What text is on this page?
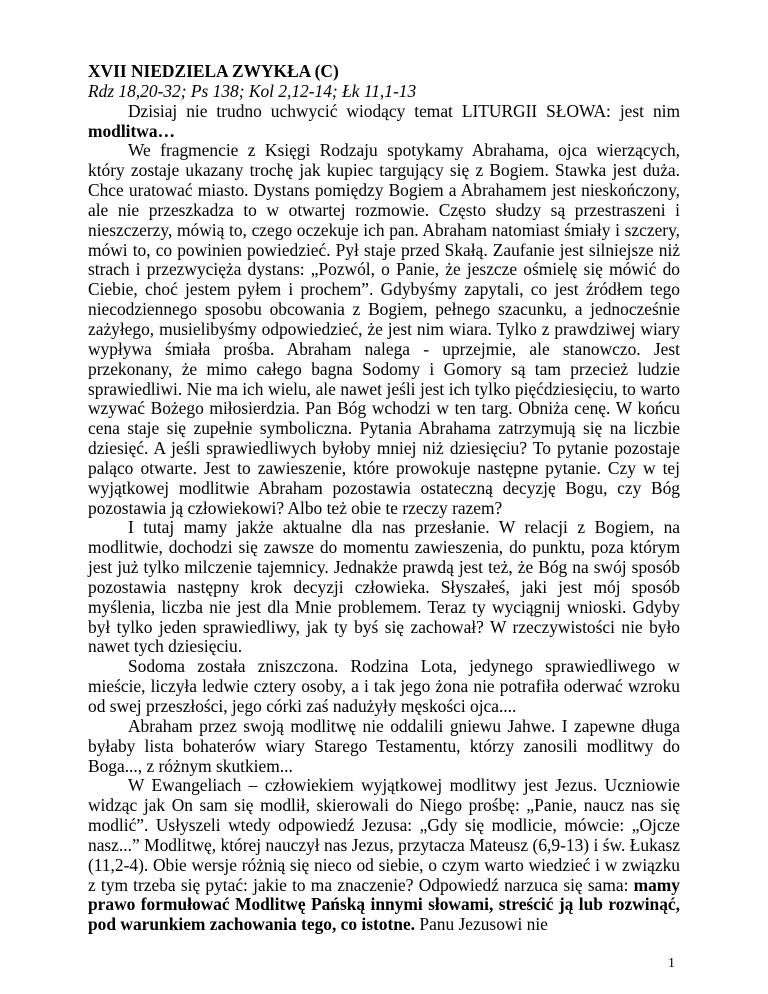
XVII NIEDZIELA ZWYKŁA (C)
Rdz 18,20-32; Ps 138; Kol 2,12-14; Łk 11,1-13

Dzisiaj nie trudno uchwycić wiodący temat LITURGII SŁOWA: jest nim modlitwa…

We fragmencie z Księgi Rodzaju spotykamy Abrahama, ojca wierzących, który zostaje ukazany trochę jak kupiec targujący się z Bogiem. Stawka jest duża. Chce uratować miasto. Dystans pomiędzy Bogiem a Abrahamem jest nieskończony, ale nie przeszkadza to w otwartej rozmowie. Często słudzy są przestraszeni i nieszczerzy, mówią to, czego oczekuje ich pan. Abraham natomiast śmiały i szczery, mówi to, co powinien powiedzieć. Pył staje przed Skałą. Zaufanie jest silniejsze niż strach i przezwycięża dystans: „Pozwól, o Panie, że jeszcze ośmielę się mówić do Ciebie, choć jestem pyłem i prochem”. Gdybyśmy zapytali, co jest źródłem tego niecodziennego sposobu obcowania z Bogiem, pełnego szacunku, a jednocześnie zażyłego, musielibyśmy odpowiedzieć, że jest nim wiara. Tylko z prawdziwej wiary wypływa śmiała prośba. Abraham nalega - uprzejmie, ale stanowczo. Jest przekonany, że mimo całego bagna Sodomy i Gomory są tam przecież ludzie sprawiedliwi. Nie ma ich wielu, ale nawet jeśli jest ich tylko pięćdziesięciu, to warto wzywać Bożego miłosierdzia. Pan Bóg wchodzi w ten targ. Obniża cenę. W końcu cena staje się zupełnie symboliczna. Pytania Abrahama zatrzymują się na liczbie dziesięć. A jeśli sprawiedliwych byłoby mniej niż dziesięciu? To pytanie pozostaje paląco otwarte. Jest to zawieszenie, które prowokuje następne pytanie. Czy w tej wyjątkowej modlitwie Abraham pozostawia ostateczną decyzję Bogu, czy Bóg pozostawia ją człowiekowi? Albo też obie te rzeczy razem?

I tutaj mamy jakże aktualne dla nas przesłanie. W relacji z Bogiem, na modlitwie, dochodzi się zawsze do momentu zawieszenia, do punktu, poza którym jest już tylko milczenie tajemnicy. Jednakże prawdą jest też, że Bóg na swój sposób pozostawia następny krok decyzji człowieka. Słyszałeś, jaki jest mój sposób myślenia, liczba nie jest dla Mnie problemem. Teraz ty wyciągnij wnioski. Gdyby był tylko jeden sprawiedliwy, jak ty byś się zachował? W rzeczywistości nie było nawet tych dziesięciu.

Sodoma została zniszczona. Rodzina Lota, jedynego sprawiedliwego w mieście, liczyła ledwie cztery osoby, a i tak jego żona nie potrafiła oderwać wzroku od swej przeszłości, jego córki zaś nadużyły męskości ojca....

Abraham przez swoją modlitwę nie oddalili gniewu Jahwe. I zapewne długa byłaby lista bohaterów wiary Starego Testamentu, którzy zanosili modlitwy do Boga..., z różnym skutkiem...

W Ewangeliach – człowiekiem wyjątkowej modlitwy jest Jezus. Uczniowie widząc jak On sam się modlił, skierowali do Niego prośbę: „Panie, naucz nas się modlić”. Usłyszeli wtedy odpowiedź Jezusa: „Gdy się modlicie, mówcie: „Ojcze nasz...” Modlitwę, której nauczył nas Jezus, przytacza Mateusz (6,9-13) i św. Łukasz (11,2-4). Obie wersje różnią się nieco od siebie, o czym warto wiedzieć i w związku z tym trzeba się pytać: jakie to ma znaczenie? Odpowiedź narzuca się sama: mamy prawo formułować Modlitwę Pańską innymi słowami, streścić ją lub rozwinąć, pod warunkiem zachowania tego, co istotne. Panu Jezusowi nie

1
